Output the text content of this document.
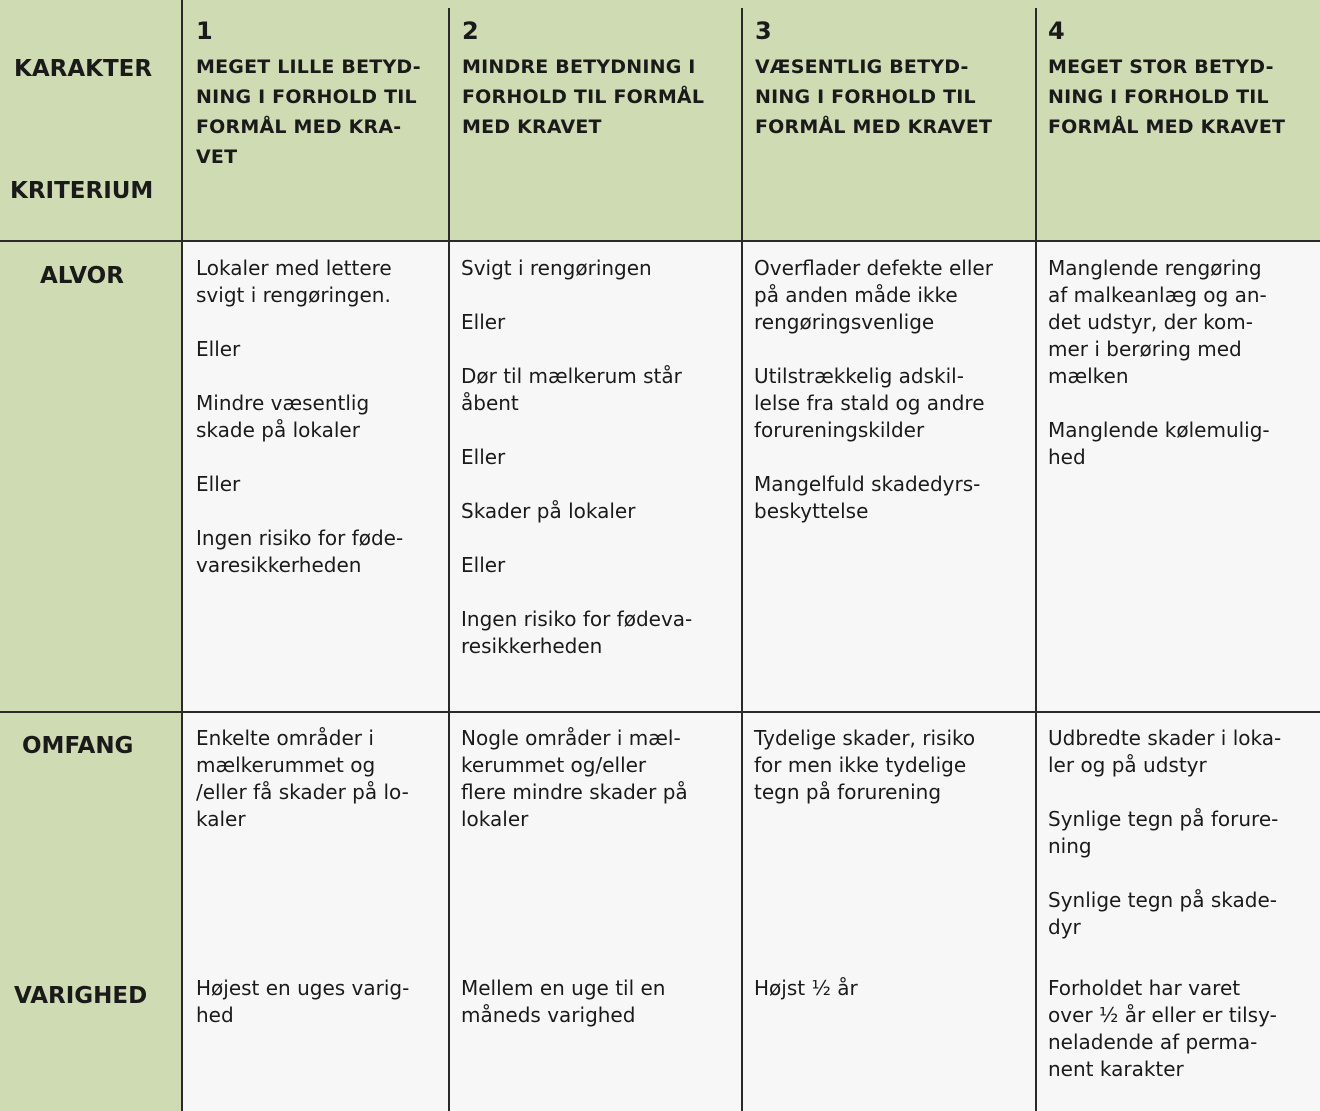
KARAKTER
KRITERIUM
1
MEGET LILLE BETYD-
NING I FORHOLD TIL
FORMÅL MED KRA-
VET
2
MINDRE BETYDNING I
FORHOLD TIL FORMÅL
MED KRAVET
3
VÆSENTLIG BETYD-
NING I FORHOLD TIL
FORMÅL MED KRAVET
4
MEGET STOR BETYD-
NING I FORHOLD TIL
FORMÅL MED KRAVET
ALVOR
OMFANG
VARIGHED

Lokaler med lettere
svigt i rengøringen.

Eller

Mindre væsentlig
skade på lokaler

Eller

Ingen risiko for føde-
varesikkerheden

Svigt i rengøringen

Eller

Dør til mælkerum står
åbent

Eller

Skader på lokaler

Eller

Ingen risiko for fødeva-
resikkerheden

Overflader defekte eller
på anden måde ikke
rengøringsvenlige

Utilstrækkelig adskil-
lelse fra stald og andre
forureningskilder

Mangelfuld skadedyrs-
beskyttelse

Manglende rengøring
af malkeanlæg og an-
det udstyr, der kom-
mer i berøring med
mælken

Manglende kølemulig-
hed

Enkelte områder i
mælkerummet og
/eller få skader på lo-
kaler

Nogle områder i mæl-
kerummet og/eller
flere mindre skader på
lokaler

Tydelige skader, risiko
for men ikke tydelige
tegn på forurening

Udbredte skader i loka-
ler og på udstyr

Synlige tegn på forure-
ning

Synlige tegn på skade-
dyr

Højest en uges varig-
hed

Mellem en uge til en
måneds varighed

Højst ½ år	Forholdet har varet
over ½ år eller er tilsy-
neladende af perma-
nent karakter
